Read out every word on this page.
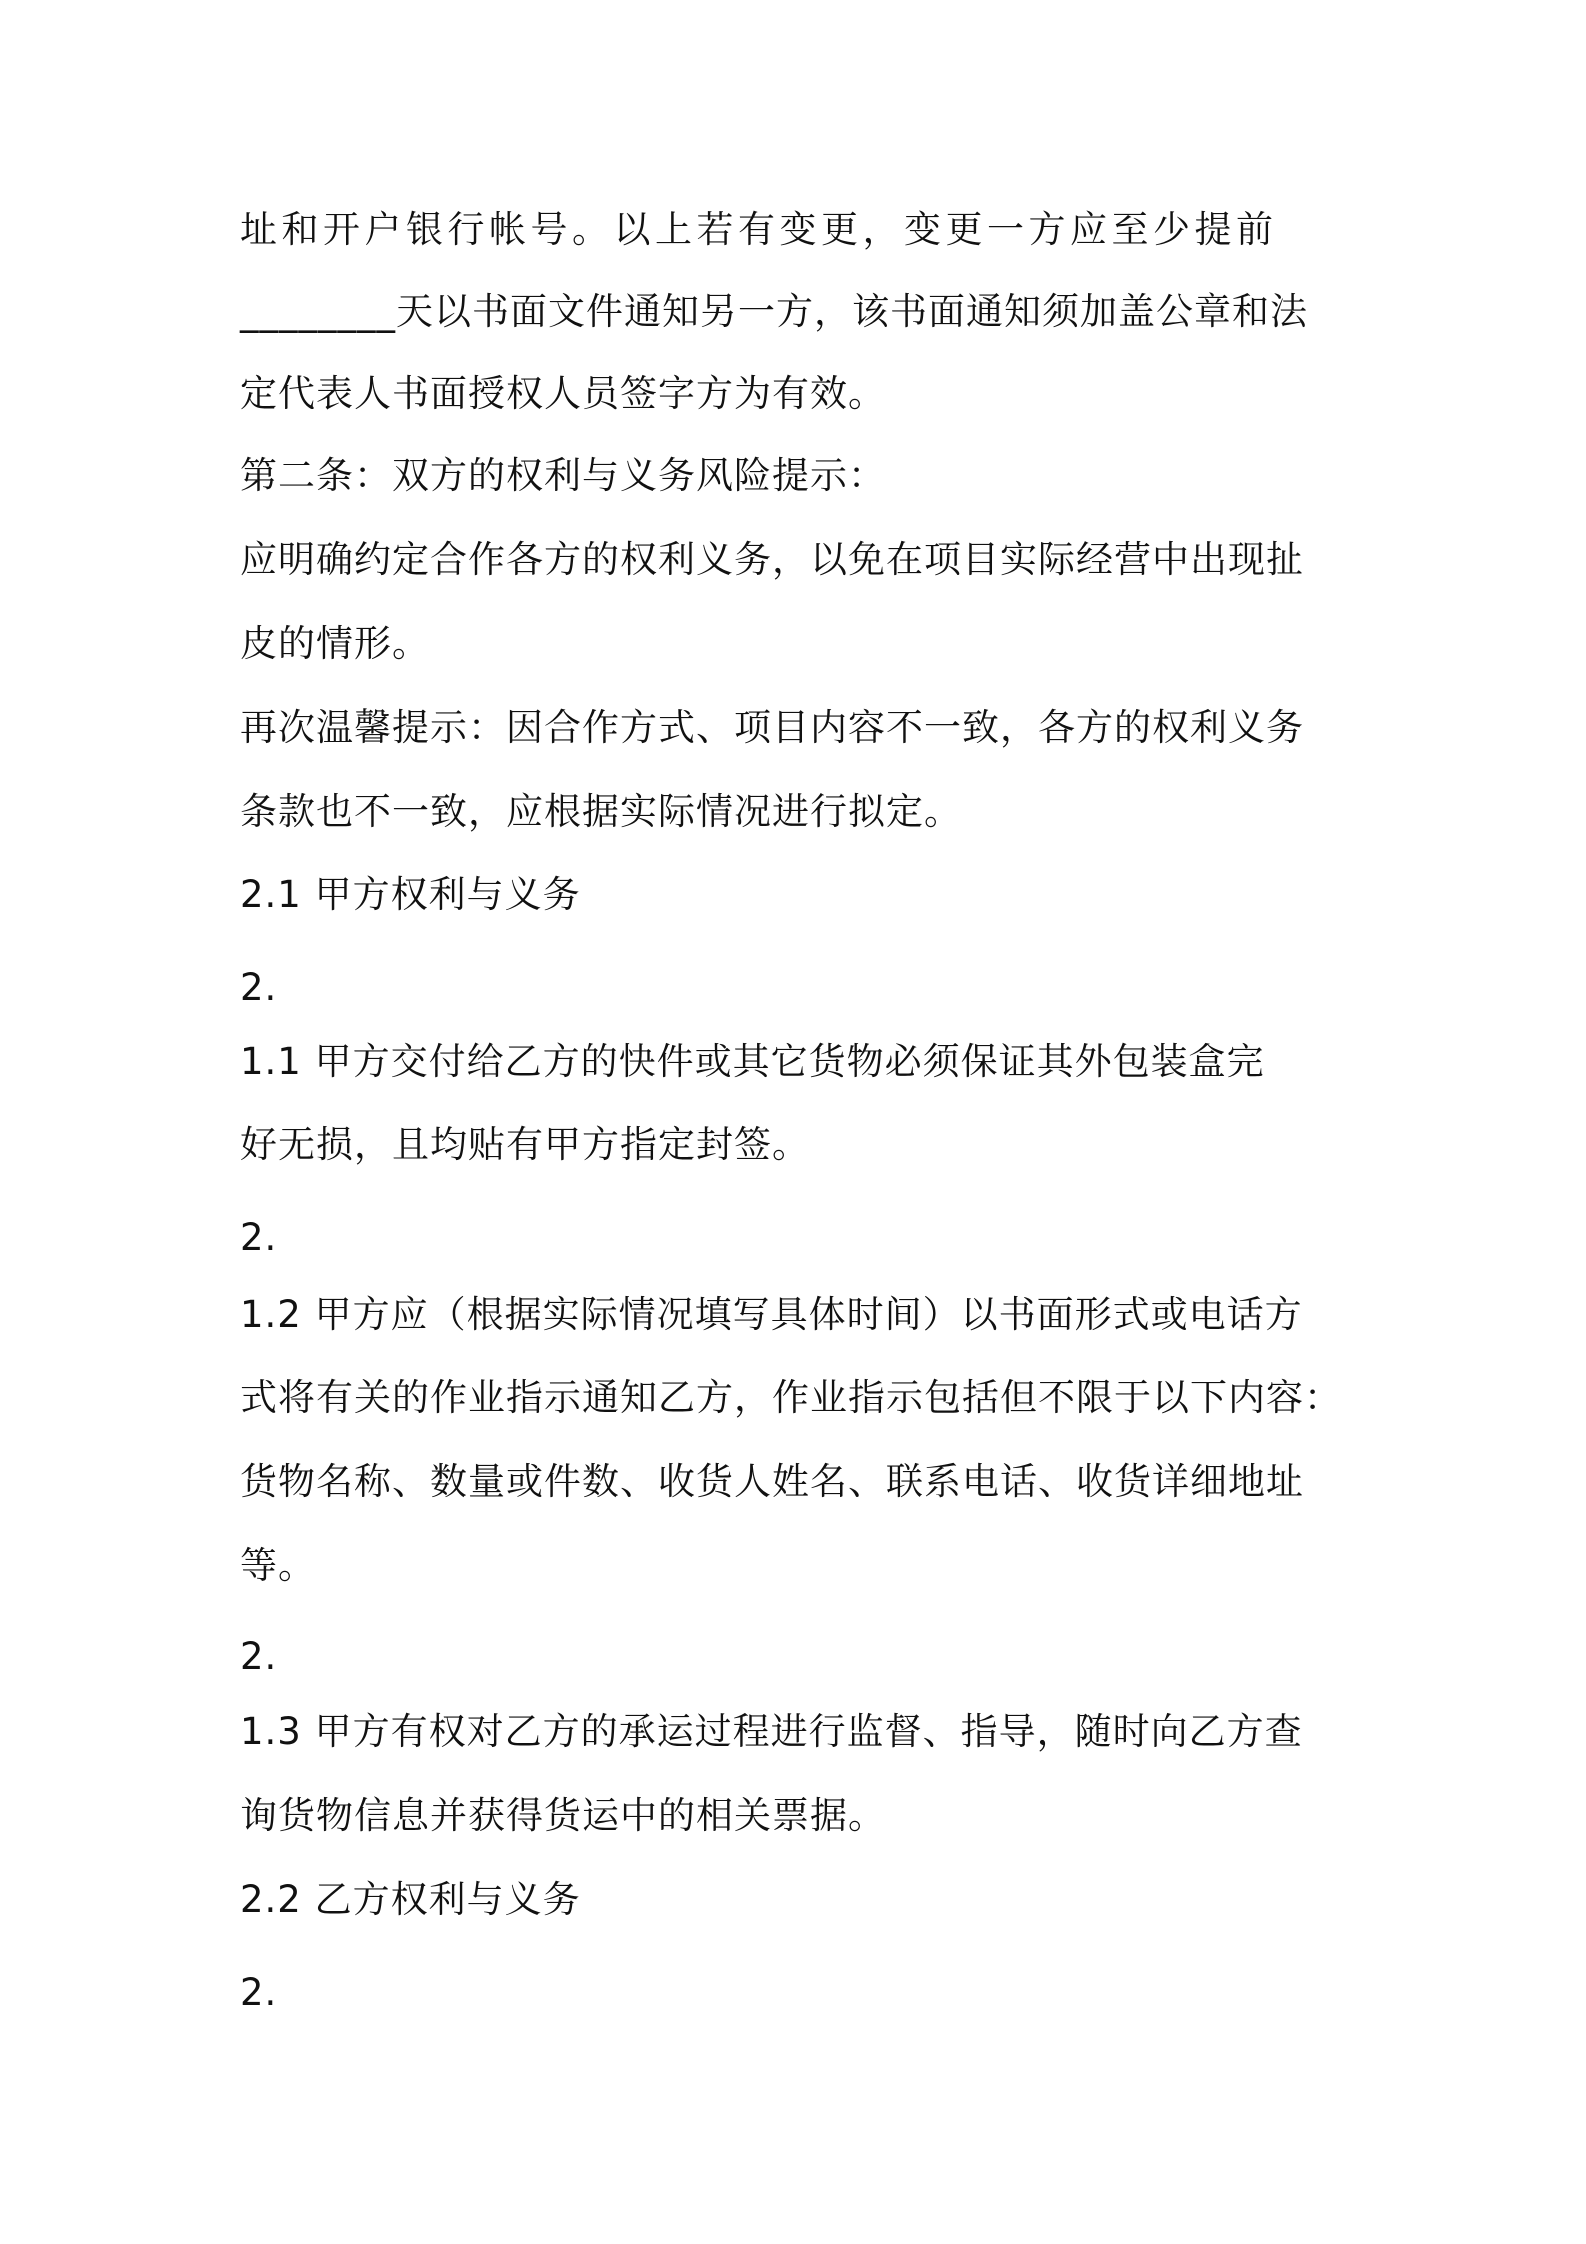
址和开户银行帐号。以上若有变更，变更一方应至少提前
________天以书面文件通知另一方，该书面通知须加盖公章和法
定代表人书面授权人员签字方为有效。
第二条：双方的权利与义务风险提示：
应明确约定合作各方的权利义务，以免在项目实际经营中出现扯
皮的情形。
再次温馨提示：因合作方式、项目内容不一致，各方的权利义务
条款也不一致，应根据实际情况进行拟定。
2.1 甲方权利与义务
2.
1.1 甲方交付给乙方的快件或其它货物必须保证其外包装盒完
好无损，且均贴有甲方指定封签。
2.
1.2 甲方应（根据实际情况填写具体时间）以书面形式或电话方
式将有关的作业指示通知乙方，作业指示包括但不限于以下内容：
货物名称、数量或件数、收货人姓名、联系电话、收货详细地址
等。
2.
1.3 甲方有权对乙方的承运过程进行监督、指导，随时向乙方查
询货物信息并获得货运中的相关票据。
2.2 乙方权利与义务
2.
